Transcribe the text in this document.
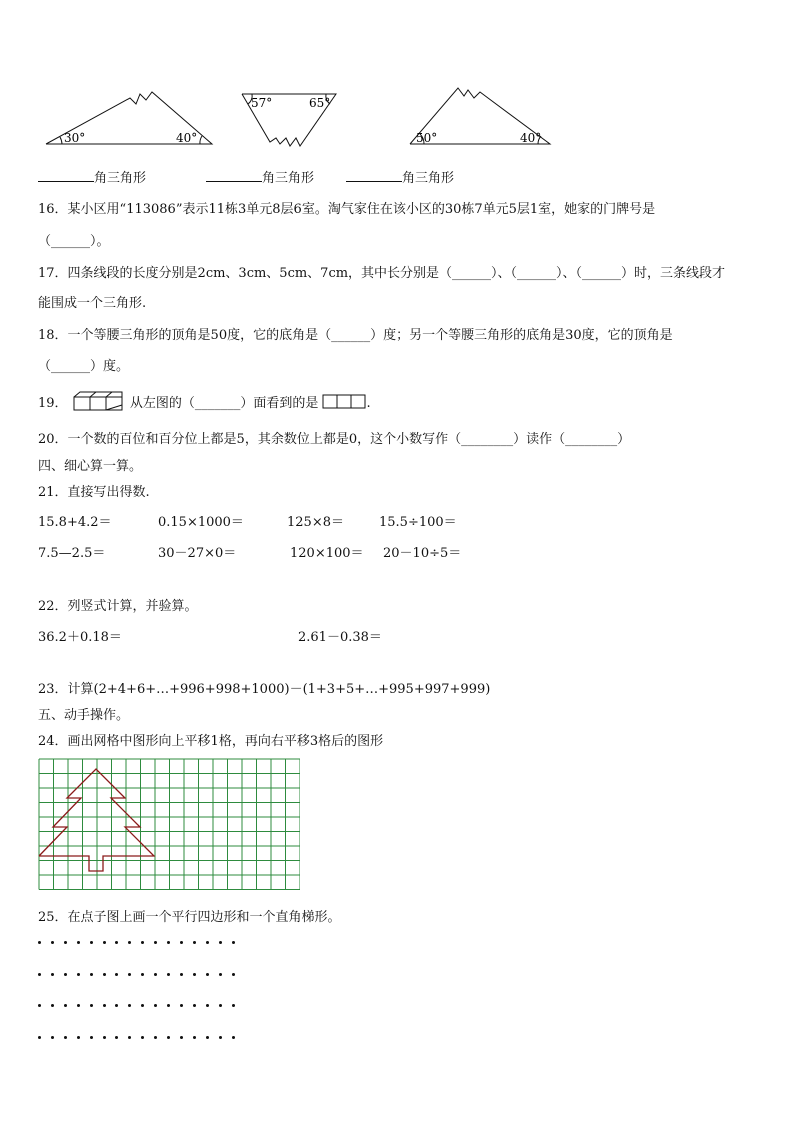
30°	40°
57°	65°
50°	40°
角三角形	角三角形	角三角形
16．某小区用“113086”表示11栋3单元8层6室。淘气家住在该小区的30栋7单元5层1室，她家的门牌号是
（______）。
17．四条线段的长度分别是2cm、3cm、5cm、7cm，其中长分别是（______）、（______）、（______）时，三条线段才
能围成一个三角形.
18．一个等腰三角形的顶角是50度，它的底角是（______）度；另一个等腰三角形的底角是30度，它的顶角是
（______）度。
19．	从左图的（_______）面看到的是	.
20．一个数的百位和百分位上都是5，其余数位上都是0，这个小数写作（________）读作（________）
四、细心算一算。
21．直接写出得数.
15.8+4.2＝	0.15×1000＝	125×8＝	15.5÷100＝
7.5—2.5＝	30－27×0＝	120×100＝ 20－10÷5＝
22．列竖式计算，并验算。
36.2＋0.18＝	2.61－0.38＝
23．计算(2+4+6+…+996+998+1000)－(1+3+5+…+995+997+999)
五、动手操作。
24．画出网格中图形向上平移1格，再向右平移3格后的图形
25．在点子图上画一个平行四边形和一个直角梯形。
